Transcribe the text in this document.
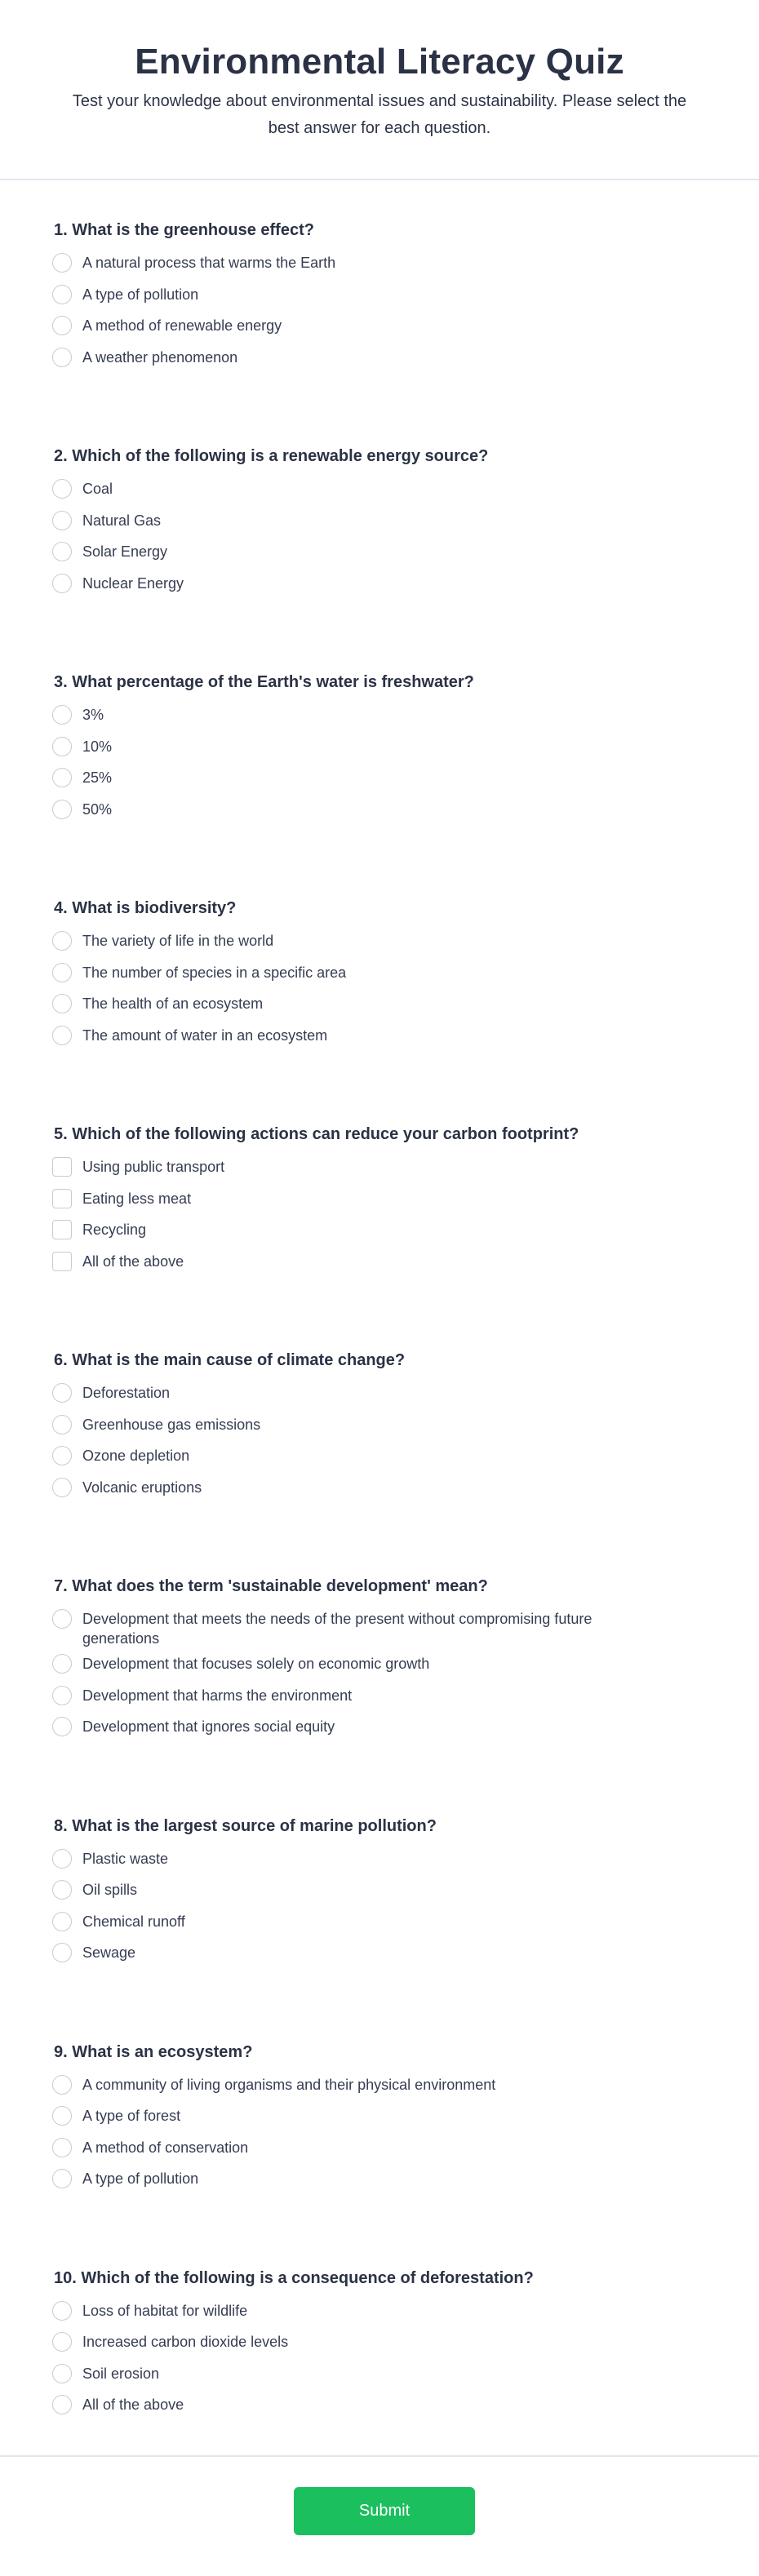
Environmental Literacy Quiz

Test your knowledge about environmental issues and sustainability. Please select the best answer for each question.

1. What is the greenhouse effect?
A natural process that warms the Earth
A type of pollution
A method of renewable energy
A weather phenomenon
2. Which of the following is a renewable energy source?
Coal
Natural Gas
Solar Energy
Nuclear Energy
3. What percentage of the Earth's water is freshwater?
3%
10%
25%
50%
4. What is biodiversity?
The variety of life in the world
The number of species in a specific area
The health of an ecosystem
The amount of water in an ecosystem
5. Which of the following actions can reduce your carbon footprint?
Using public transport
Eating less meat
Recycling
All of the above
6. What is the main cause of climate change?
Deforestation
Greenhouse gas emissions
Ozone depletion
Volcanic eruptions
7. What does the term 'sustainable development' mean?
Development that meets the needs of the present without compromising future generations
Development that focuses solely on economic growth
Development that harms the environment
Development that ignores social equity
8. What is the largest source of marine pollution?
Plastic waste
Oil spills
Chemical runoff
Sewage
9. What is an ecosystem?
A community of living organisms and their physical environment
A type of forest
A method of conservation
A type of pollution
10. Which of the following is a consequence of deforestation?
Loss of habitat for wildlife
Increased carbon dioxide levels
Soil erosion
All of the above
Submit
